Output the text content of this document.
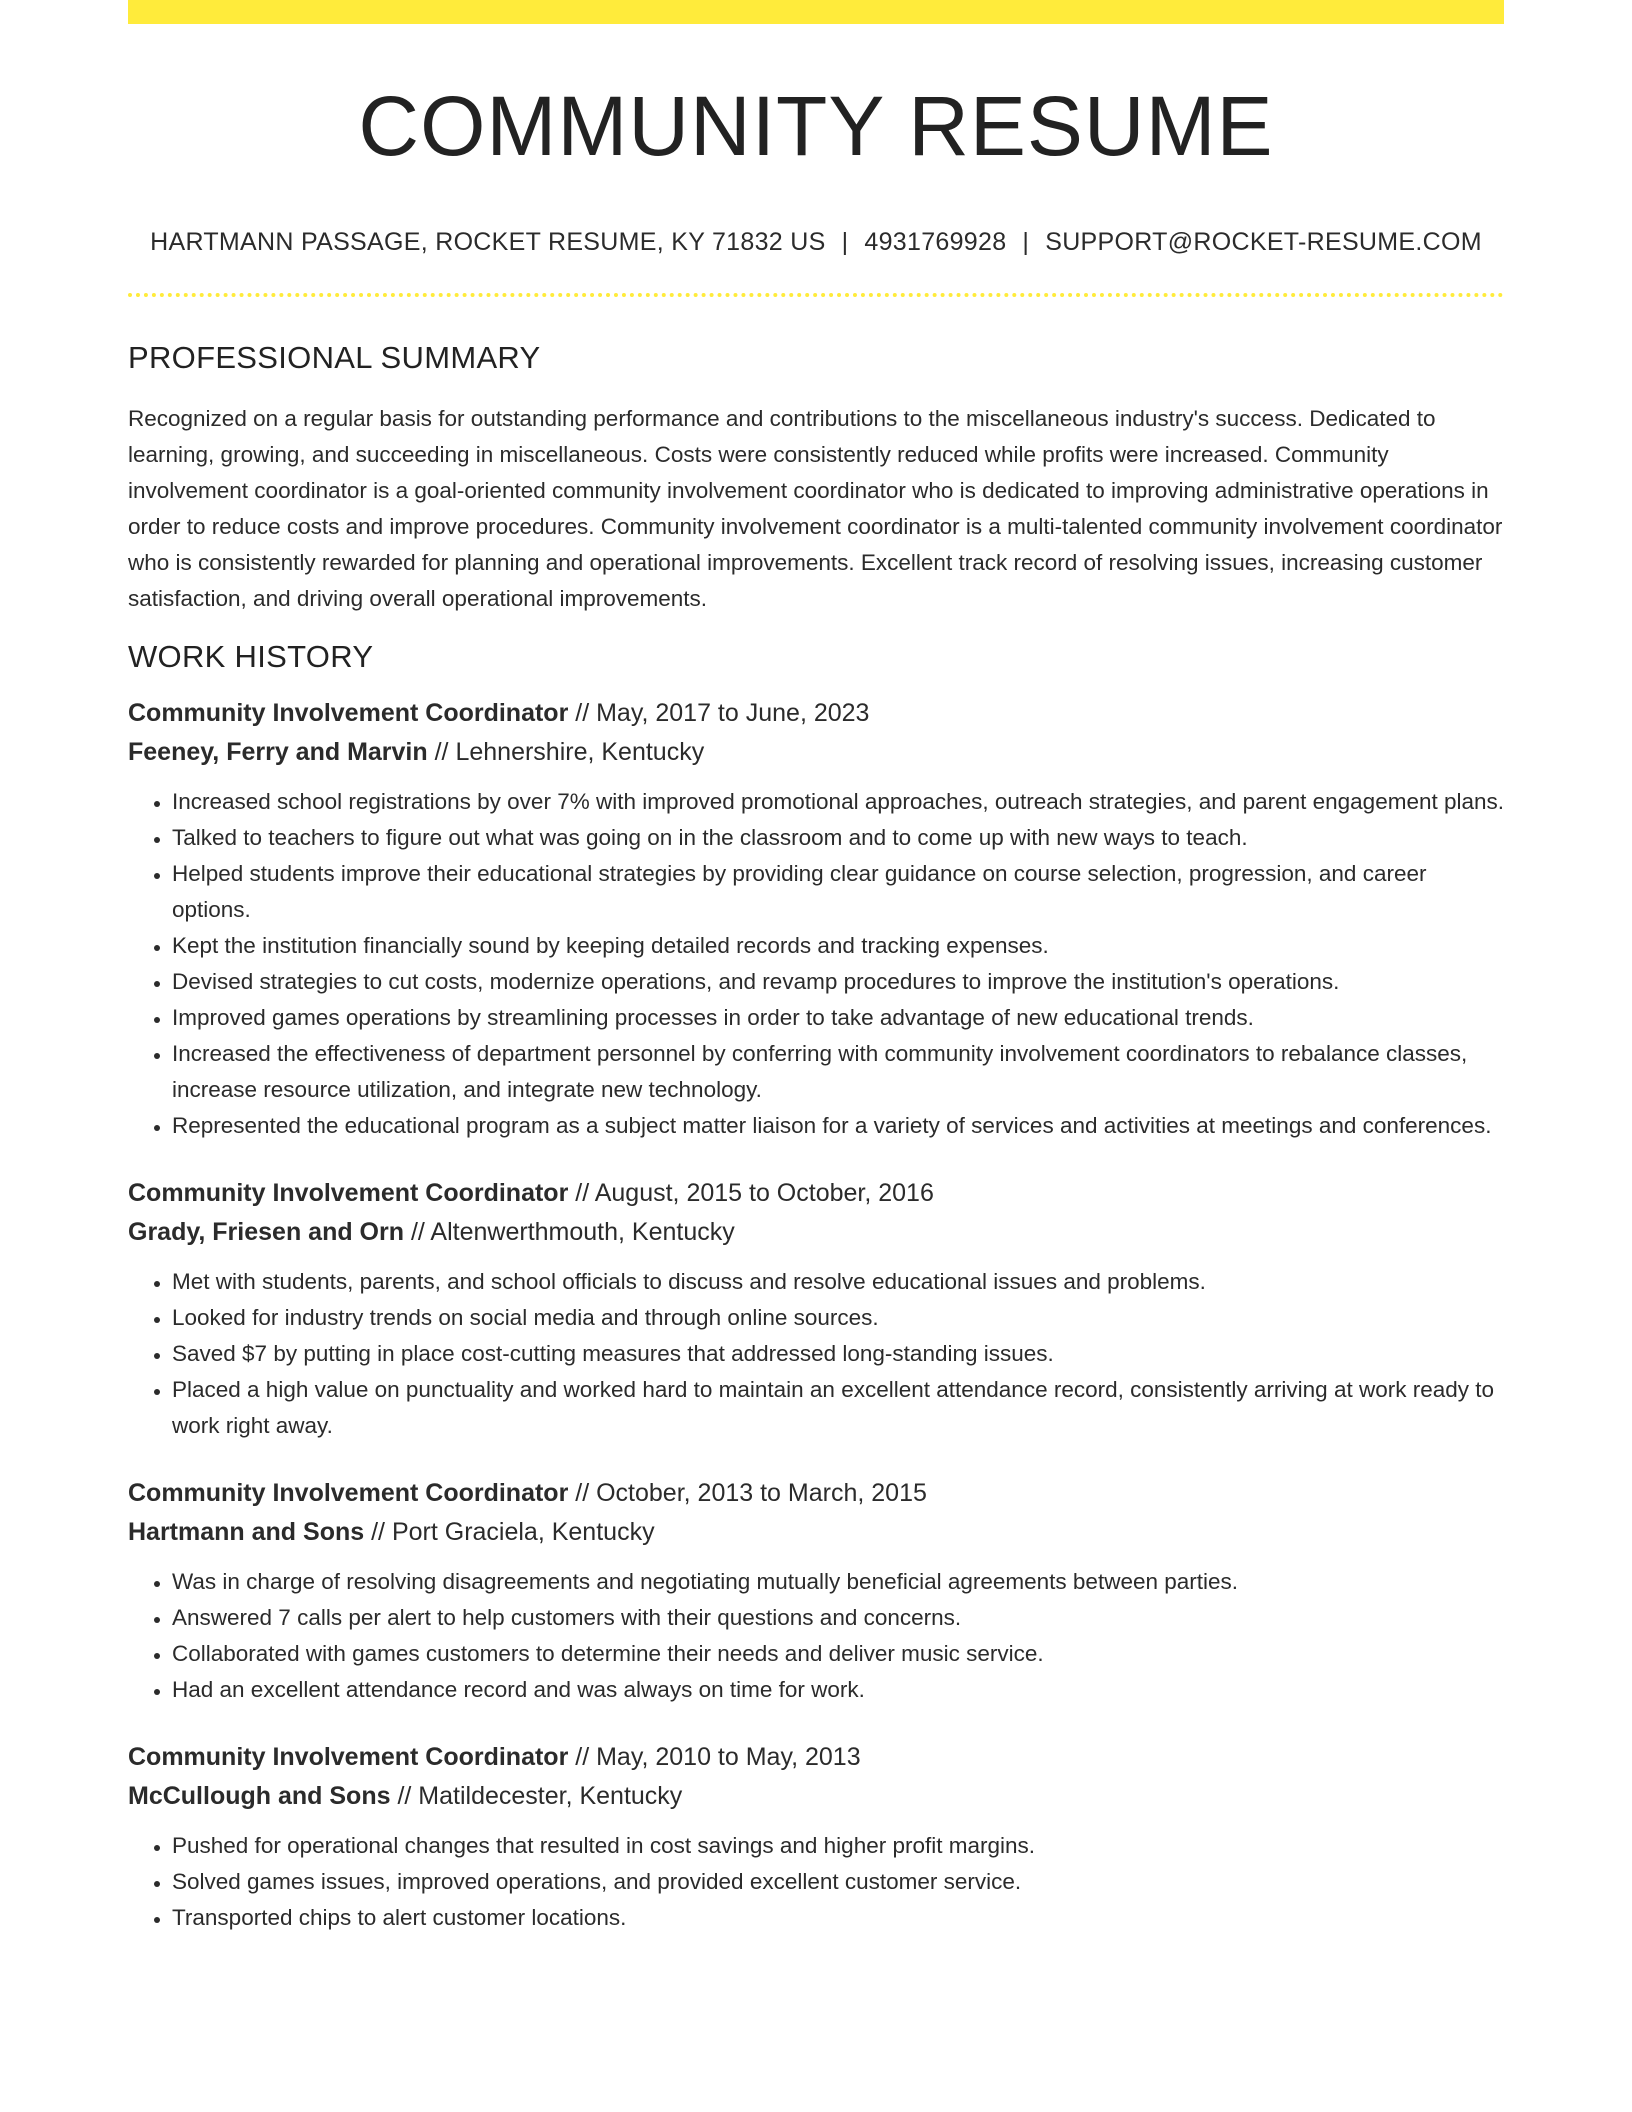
COMMUNITY RESUME
HARTMANN PASSAGE, ROCKET RESUME, KY 71832 US | 4931769928 | SUPPORT@ROCKET-RESUME.COM
PROFESSIONAL SUMMARY

Recognized on a regular basis for outstanding performance and contributions to the miscellaneous industry's success. Dedicated to learning, growing, and succeeding in miscellaneous. Costs were consistently reduced while profits were increased. Community involvement coordinator is a goal-oriented community involvement coordinator who is dedicated to improving administrative operations in order to reduce costs and improve procedures. Community involvement coordinator is a multi-talented community involvement coordinator who is consistently rewarded for planning and operational improvements. Excellent track record of resolving issues, increasing customer satisfaction, and driving overall operational improvements.

WORK HISTORY
Community Involvement Coordinator // May, 2017 to June, 2023
Feeney, Ferry and Marvin // Lehnershire, Kentucky
• Increased school registrations by over 7% with improved promotional approaches, outreach strategies, and parent engagement plans.
• Talked to teachers to figure out what was going on in the classroom and to come up with new ways to teach.
• Helped students improve their educational strategies by providing clear guidance on course selection, progression, and career options.
• Kept the institution financially sound by keeping detailed records and tracking expenses.
• Devised strategies to cut costs, modernize operations, and revamp procedures to improve the institution's operations.
• Improved games operations by streamlining processes in order to take advantage of new educational trends.
• Increased the effectiveness of department personnel by conferring with community involvement coordinators to rebalance classes, increase resource utilization, and integrate new technology.
• Represented the educational program as a subject matter liaison for a variety of services and activities at meetings and conferences.
Community Involvement Coordinator // August, 2015 to October, 2016
Grady, Friesen and Orn // Altenwerthmouth, Kentucky
• Met with students, parents, and school officials to discuss and resolve educational issues and problems.
• Looked for industry trends on social media and through online sources.
• Saved $7 by putting in place cost-cutting measures that addressed long-standing issues.
• Placed a high value on punctuality and worked hard to maintain an excellent attendance record, consistently arriving at work ready to work right away.
Community Involvement Coordinator // October, 2013 to March, 2015
Hartmann and Sons // Port Graciela, Kentucky
• Was in charge of resolving disagreements and negotiating mutually beneficial agreements between parties.
• Answered 7 calls per alert to help customers with their questions and concerns.
• Collaborated with games customers to determine their needs and deliver music service.
• Had an excellent attendance record and was always on time for work.
Community Involvement Coordinator // May, 2010 to May, 2013
McCullough and Sons // Matildecester, Kentucky
• Pushed for operational changes that resulted in cost savings and higher profit margins.
• Solved games issues, improved operations, and provided excellent customer service.
• Transported chips to alert customer locations.
